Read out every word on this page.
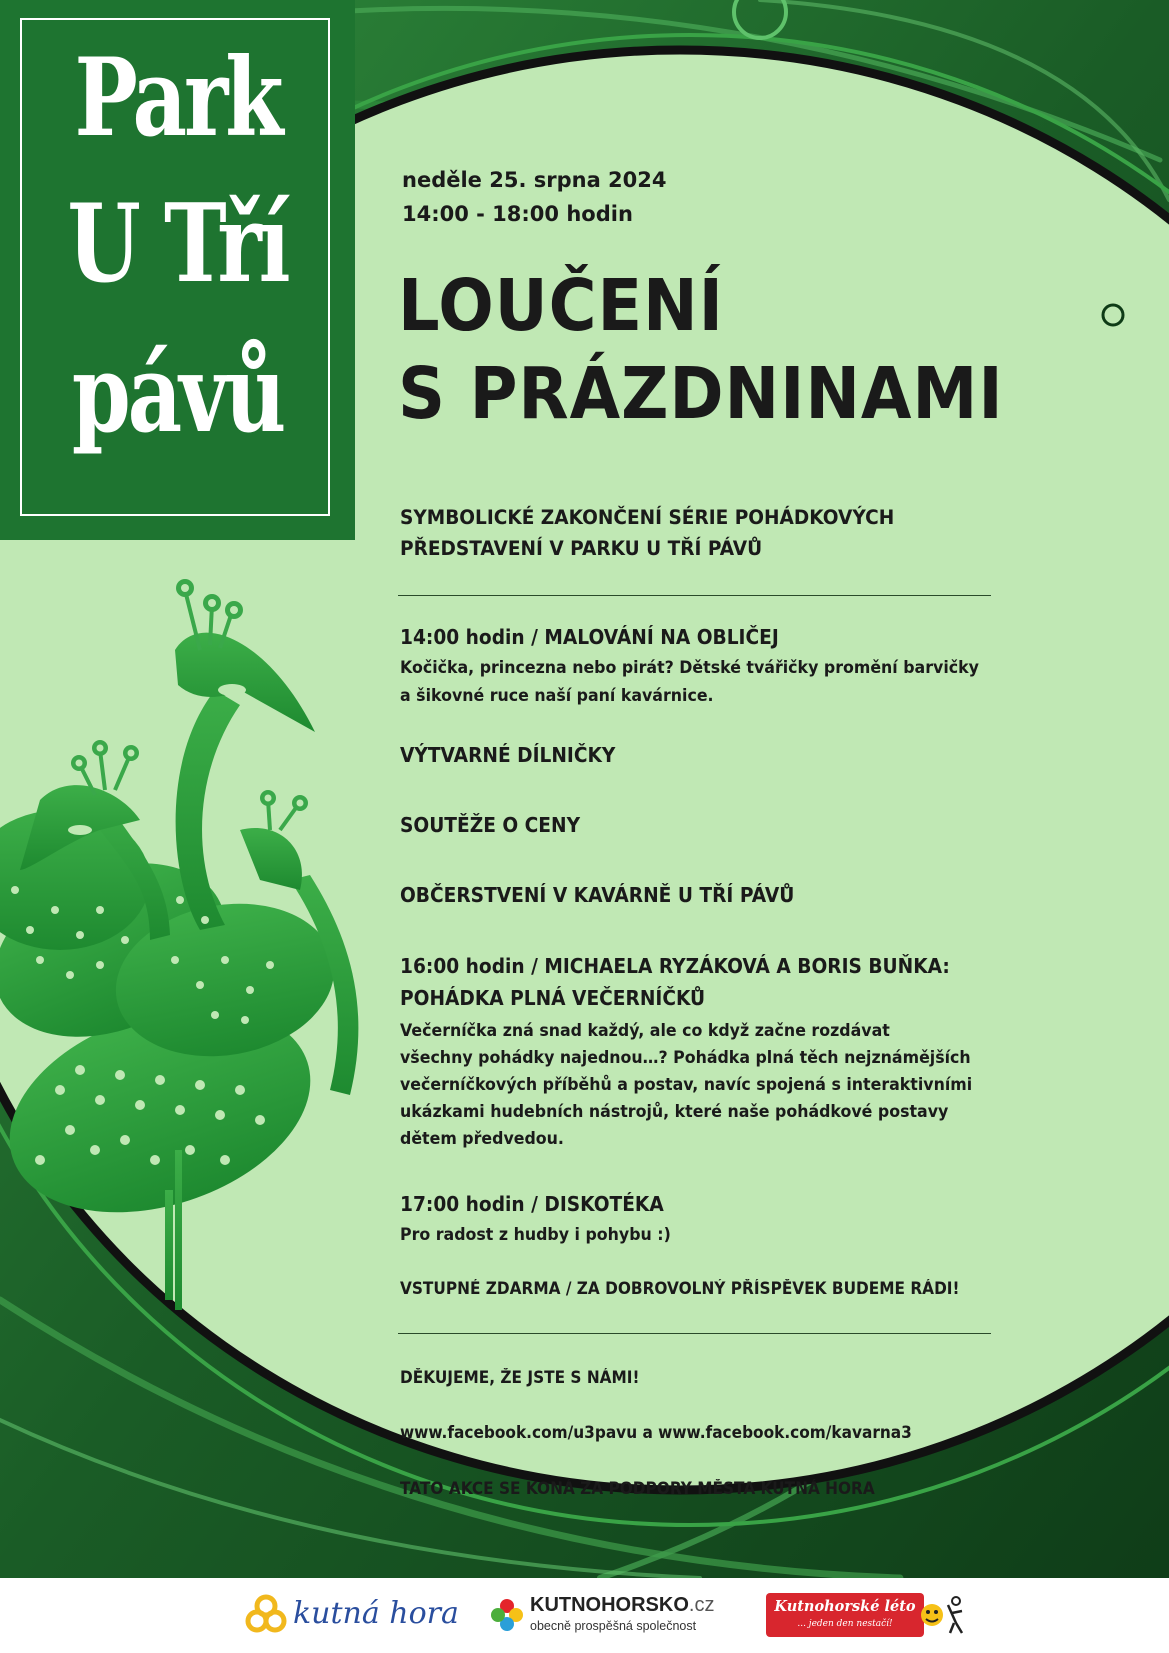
Park
U Tří
pávů
neděle 25. srpna 2024
14:00 - 18:00 hodin
LOUČENÍ
S PRÁZDNINAMI
SYMBOLICKÉ ZAKONČENÍ SÉRIE POHÁDKOVÝCH
PŘEDSTAVENÍ V PARKU U TŘÍ PÁVŮ
14:00 hodin / MALOVÁNÍ NA OBLIČEJ
Kočička, princezna nebo pirát? Dětské tvářičky promění barvičky
a šikovné ruce naší paní kavárnice.
VÝTVARNÉ DÍLNIČKY
SOUTĚŽE O CENY
OBČERSTVENÍ V KAVÁRNĚ U TŘÍ PÁVŮ
16:00 hodin / MICHAELA RYZÁKOVÁ A BORIS BUŇKA:
POHÁDKA PLNÁ VEČERNÍČKŮ
Večerníčka zná snad každý, ale co když začne rozdávat
všechny pohádky najednou…? Pohádka plná těch nejznámějších
večerníčkových příběhů a postav, navíc spojená s interaktivními
ukázkami hudebních nástrojů, které naše pohádkové postavy
dětem předvedou.
17:00 hodin / DISKOTÉKA
Pro radost z hudby i pohybu :)
VSTUPNÉ ZDARMA / ZA DOBROVOLNÝ PŘÍSPĚVEK BUDEME RÁDI!
DĚKUJEME, ŽE JSTE S NÁMI!
www.facebook.com/u3pavu a www.facebook.com/kavarna3
TATO AKCE SE KONÁ ZA PODPORY MĚSTA KUTNÁ HORA
kutná hora	KUTNOHORSKO.cz
obecně prospěšná společnost
Kutnohorské léto
... jeden den nestačí!
